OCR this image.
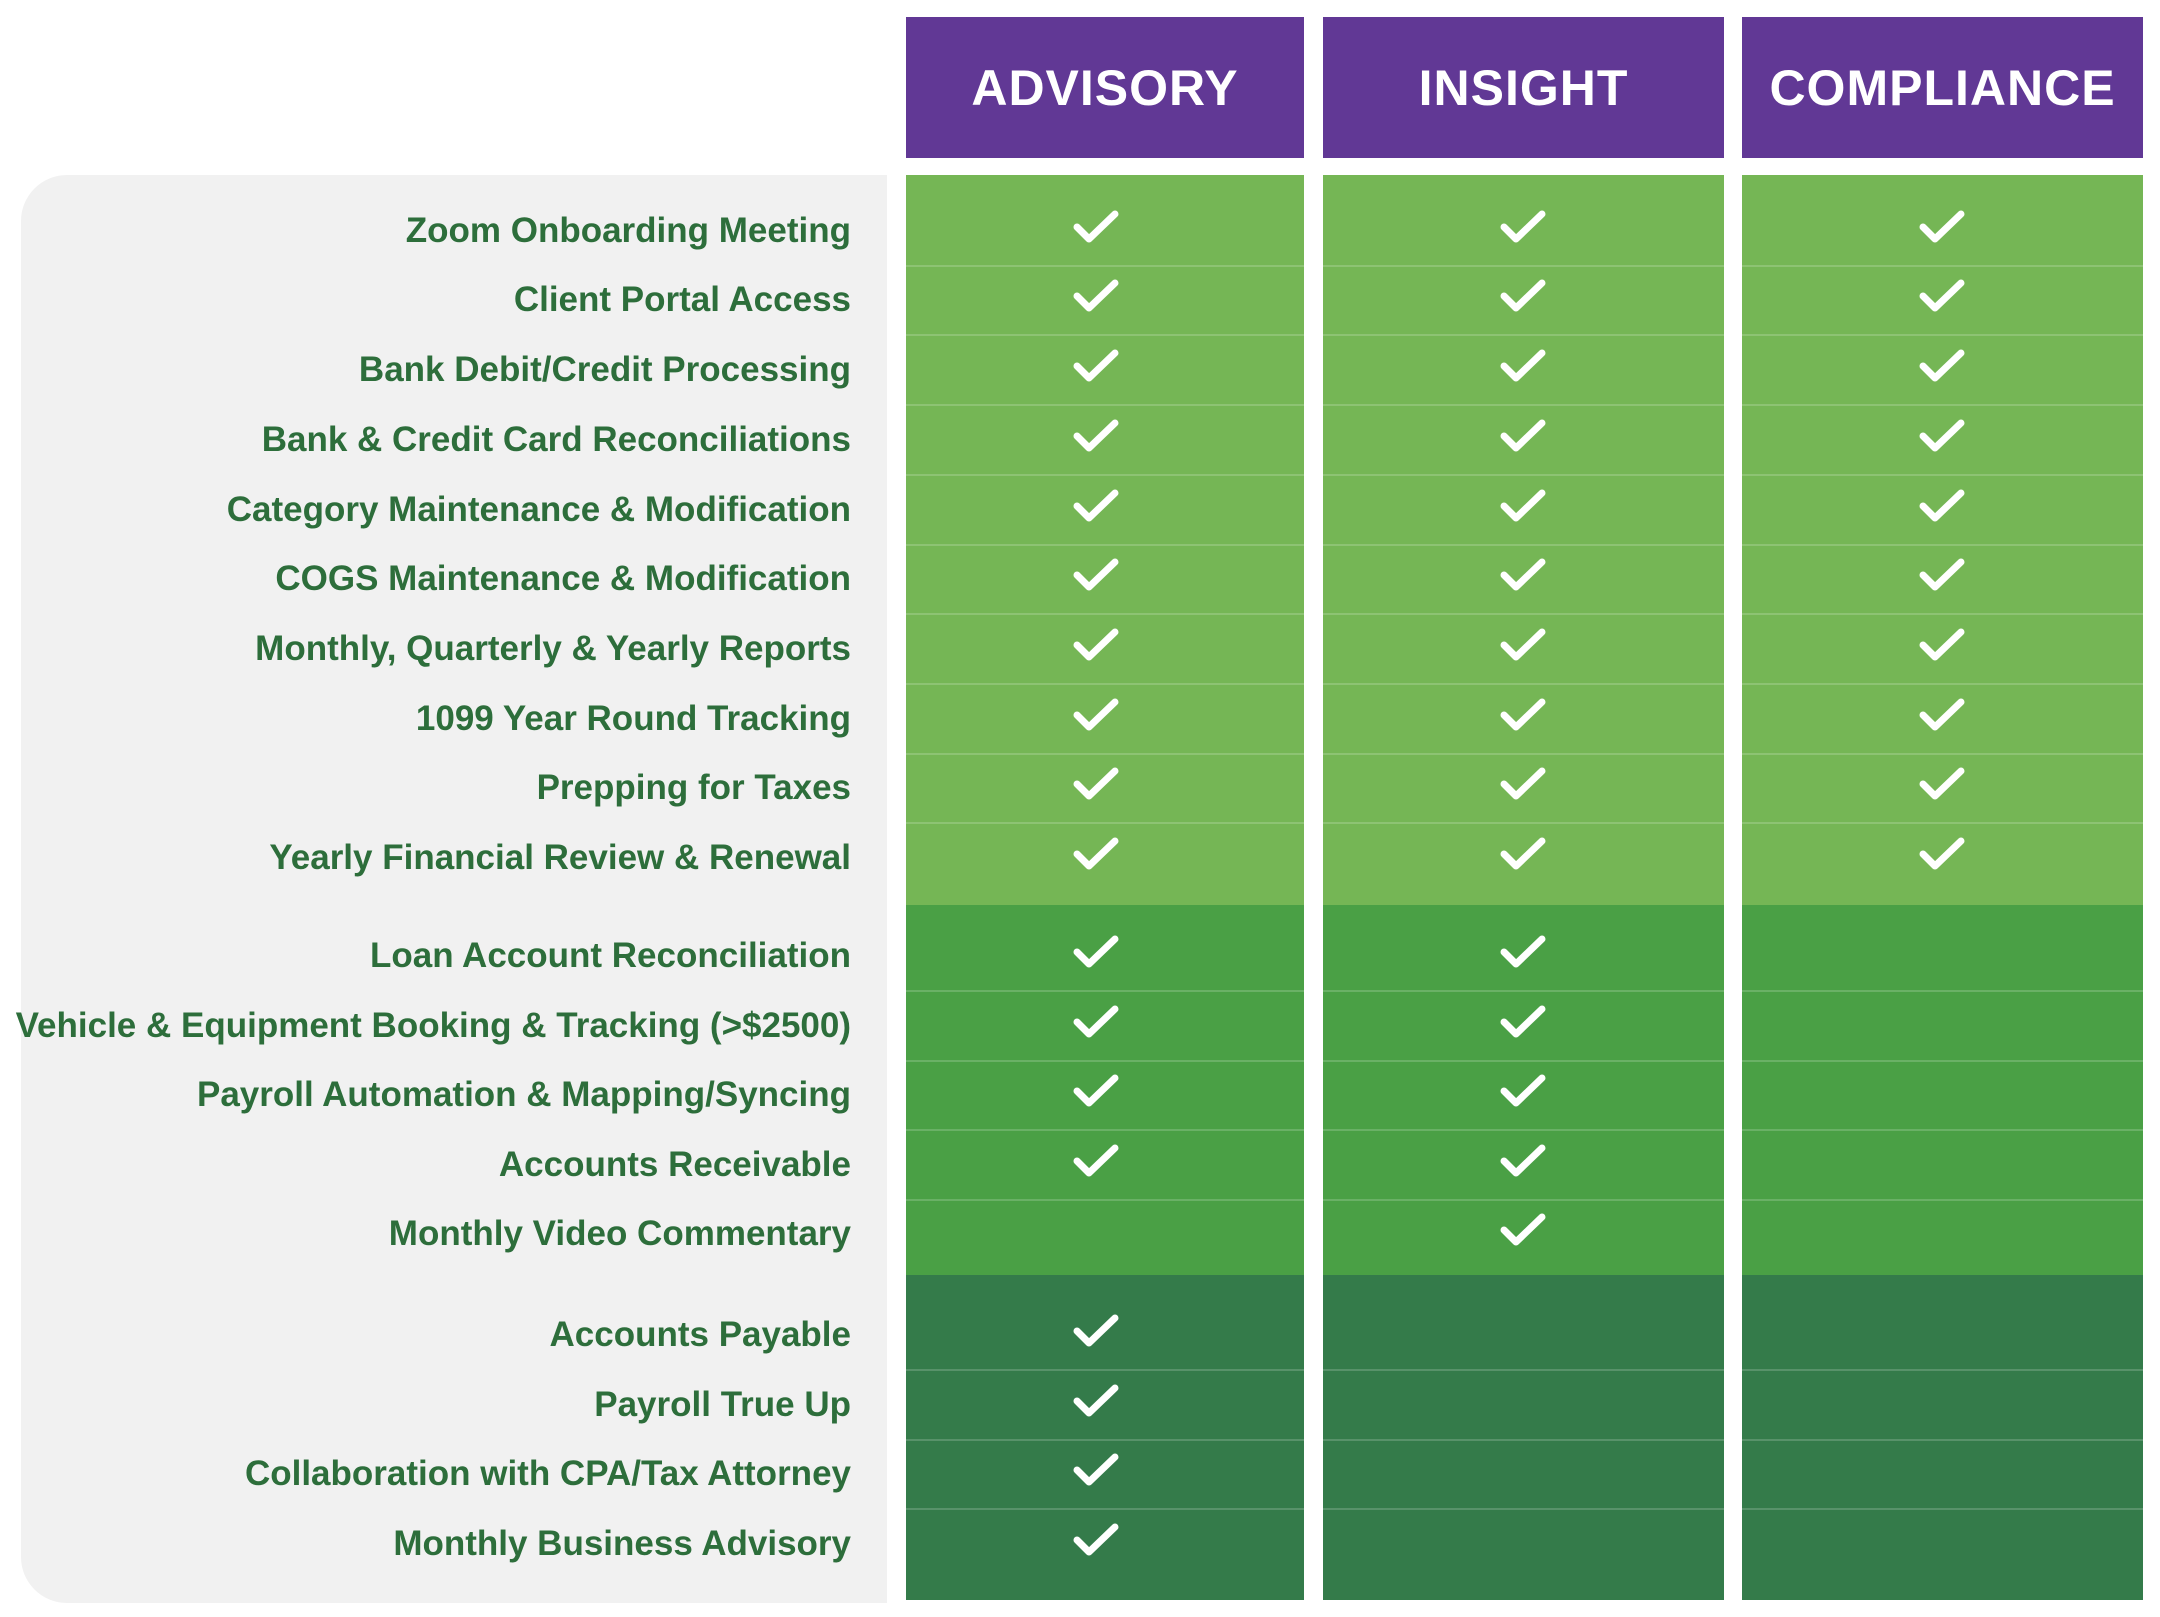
Zoom Onboarding Meeting
Client Portal Access
Bank Debit/Credit Processing
Bank & Credit Card Reconciliations
Category Maintenance & Modification
COGS Maintenance & Modification
Monthly, Quarterly & Yearly Reports
1099 Year Round Tracking
Prepping for Taxes
Yearly Financial Review & Renewal
Loan Account Reconciliation
Vehicle & Equipment Booking & Tracking (>$2500)
Payroll Automation & Mapping/Syncing
Accounts Receivable
Monthly Video Commentary
Accounts Payable
Payroll True Up
Collaboration with CPA/Tax Attorney
Monthly Business Advisory
ADVISORY	INSIGHT	COMPLIANCE
